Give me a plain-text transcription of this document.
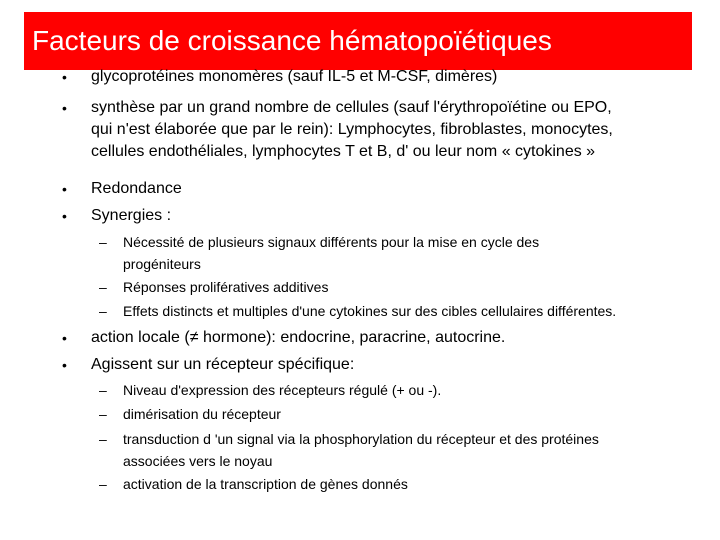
Facteurs de croissance hématopoïétiques
• glycoprotéines monomères (sauf IL-5 et M-CSF, dimères)
• synthèse par un grand nombre de cellules (sauf l'érythropoïétine ou EPO,
qui n'est élaborée que par le rein): Lymphocytes, fibroblastes, monocytes,
cellules endothéliales, lymphocytes T et B, d' ou leur nom « cytokines »
• Redondance
• Synergies :
– Nécessité de plusieurs signaux différents pour la mise en cycle des
progéniteurs
– Réponses prolifératives additives
– Effets distincts et multiples d'une cytokines sur des cibles cellulaires différentes.
• action locale (≠ hormone): endocrine, paracrine, autocrine.
• Agissent sur un récepteur spécifique:
– Niveau d'expression des récepteurs régulé (+ ou -).
– dimérisation du récepteur
– transduction d 'un signal via la phosphorylation du récepteur et des protéines
associées vers le noyau
– activation de la transcription de gènes donnés
